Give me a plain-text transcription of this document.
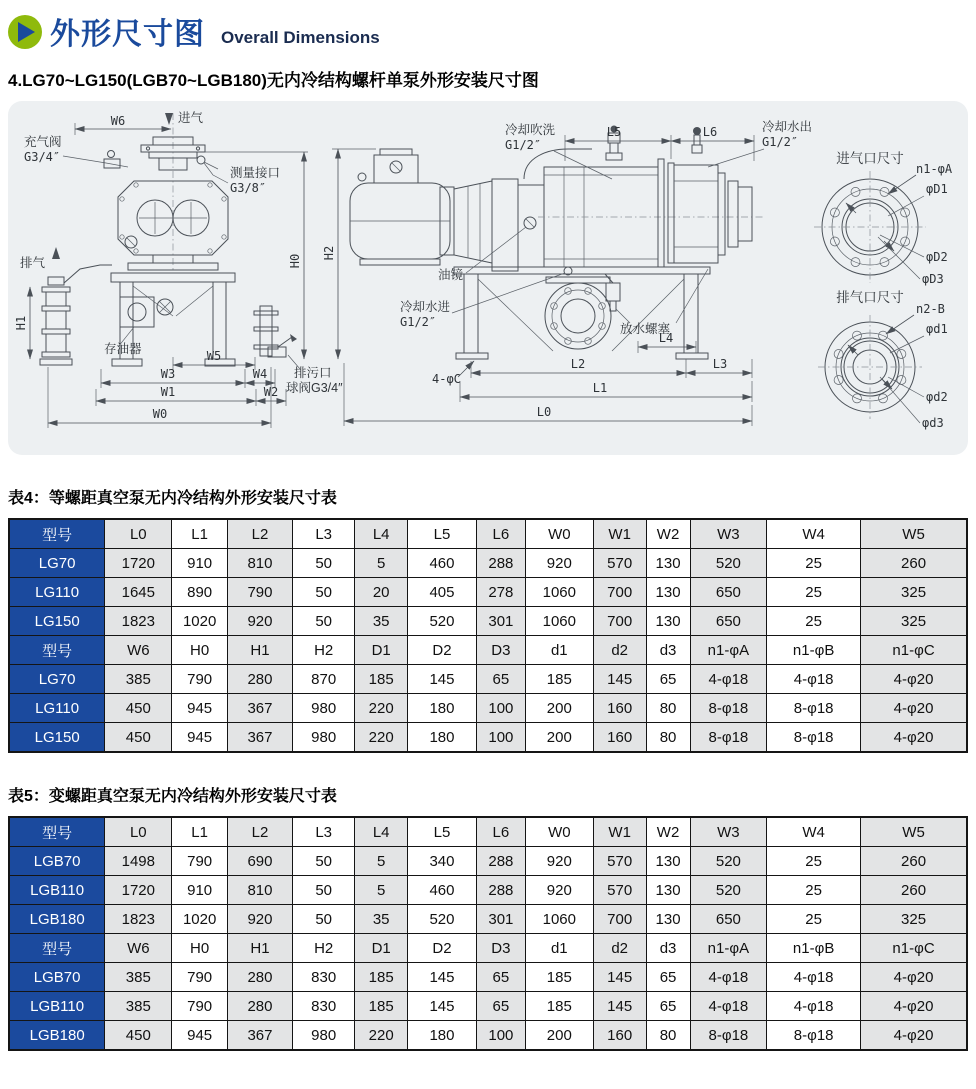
外形尺寸图 Overall Dimensions
4.LG70~LG150(LGB70~LGB180)无内冷结构螺杆单泵外形安装尺寸图
进气
W6
充气阀
G3/4″
测量接口
G3/8″
排气
存油器
排污口
球阀G3/4″
H1
H0
W5
W3	W4
W1	W2
W0
H2
冷却吹洗
G1/2″
油镜
冷却水进
G1/2″	放水螺塞
L5	L6
L4
4-φC
L2	L3
L1
L0
冷却水出
G1/2″
进气口尺寸
n1-φA
φD1
φD2
φD3
排气口尺寸
n2-B
φd1
φd2
φd3
表4：等螺距真空泵无内冷结构外形安装尺寸表
型号	L0	L1	L2	L3	L4	L5	L6	W0	W1	W2	W3	W4	W5
LG70	1720	910	810	50	5	460	288	920	570	130	520	25	260
LG110	1645	890	790	50	20	405	278	1060	700	130	650	25	325
LG150	1823	1020	920	50	35	520	301	1060	700	130	650	25	325
型号	W6	H0	H1	H2	D1	D2	D3	d1	d2	d3	n1-φA	n1-φB	n1-φC
LG70	385	790	280	870	185	145	65	185	145	65	4-φ18	4-φ18	4-φ20
LG110	450	945	367	980	220	180	100	200	160	80	8-φ18	8-φ18	4-φ20
LG150	450	945	367	980	220	180	100	200	160	80	8-φ18	8-φ18	4-φ20
表5：变螺距真空泵无内冷结构外形安装尺寸表
型号	L0	L1	L2	L3	L4	L5	L6	W0	W1	W2	W3	W4	W5
LGB70	1498	790	690	50	5	340	288	920	570	130	520	25	260
LGB110	1720	910	810	50	5	460	288	920	570	130	520	25	260
LGB180	1823	1020	920	50	35	520	301	1060	700	130	650	25	325
型号	W6	H0	H1	H2	D1	D2	D3	d1	d2	d3	n1-φA	n1-φB	n1-φC
LGB70	385	790	280	830	185	145	65	185	145	65	4-φ18	4-φ18	4-φ20
LGB110	385	790	280	830	185	145	65	185	145	65	4-φ18	4-φ18	4-φ20
LGB180	450	945	367	980	220	180	100	200	160	80	8-φ18	8-φ18	4-φ20
